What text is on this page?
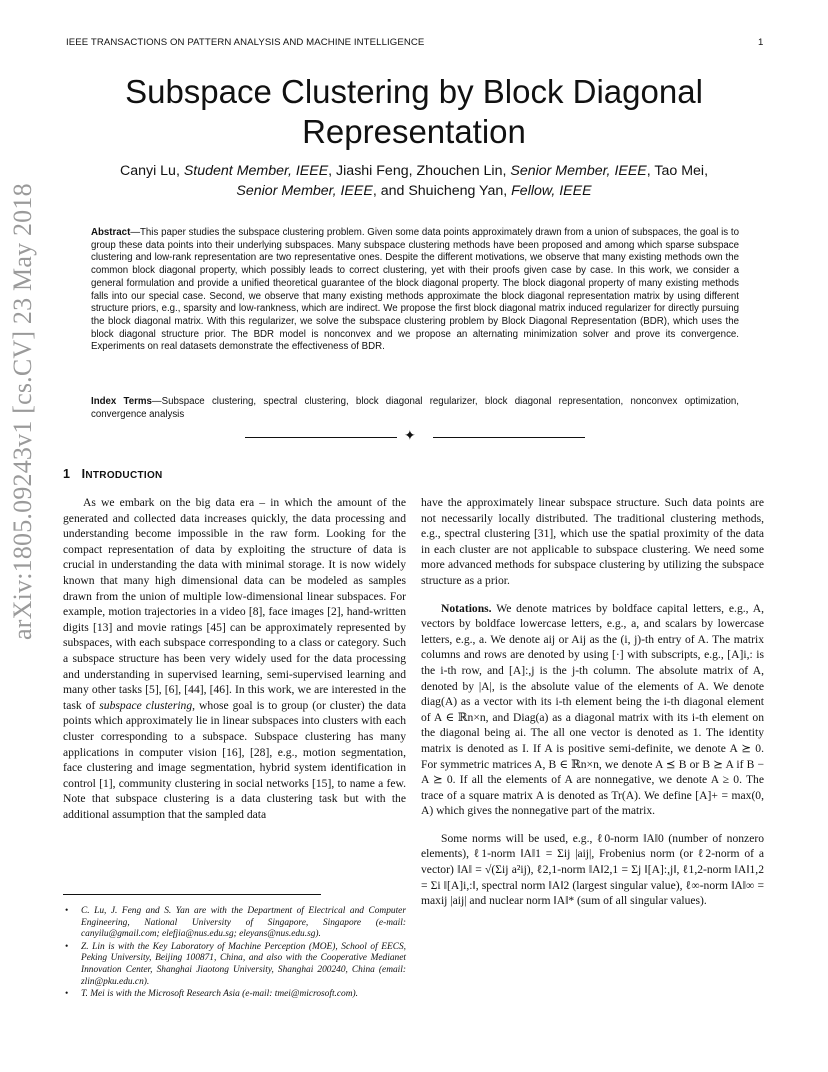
IEEE TRANSACTIONS ON PATTERN ANALYSIS AND MACHINE INTELLIGENCE	1
arXiv:1805.09243v1 [cs.CV] 23 May 2018
Subspace Clustering by Block Diagonal Representation
Canyi Lu, Student Member, IEEE, Jiashi Feng, Zhouchen Lin, Senior Member, IEEE, Tao Mei, Senior Member, IEEE, and Shuicheng Yan, Fellow, IEEE
Abstract—This paper studies the subspace clustering problem. Given some data points approximately drawn from a union of subspaces, the goal is to group these data points into their underlying subspaces. Many subspace clustering methods have been proposed and among which sparse subspace clustering and low-rank representation are two representative ones. Despite the different motivations, we observe that many existing methods own the common block diagonal property, which possibly leads to correct clustering, yet with their proofs given case by case. In this work, we consider a general formulation and provide a unified theoretical guarantee of the block diagonal property. The block diagonal property of many existing methods falls into our special case. Second, we observe that many existing methods approximate the block diagonal representation matrix by using different structure priors, e.g., sparsity and low-rankness, which are indirect. We propose the first block diagonal matrix induced regularizer for directly pursuing the block diagonal matrix. With this regularizer, we solve the subspace clustering problem by Block Diagonal Representation (BDR), which uses the block diagonal structure prior. The BDR model is nonconvex and we propose an alternating minimization solver and prove its convergence. Experiments on real datasets demonstrate the effectiveness of BDR.
Index Terms—Subspace clustering, spectral clustering, block diagonal regularizer, block diagonal representation, nonconvex optimization, convergence analysis
✦
1 INTRODUCTION

As we embark on the big data era – in which the amount of the generated and collected data increases quickly, the data processing and understanding become impossible in the raw form. Looking for the compact representation of data by exploiting the structure of data is crucial in understanding the data with minimal storage. It is now widely known that many high dimensional data can be modeled as samples drawn from the union of multiple low-dimensional linear subspaces. For example, motion trajectories in a video [8], face images [2], hand-written digits [13] and movie ratings [45] can be approximately represented by subspaces, with each subspace corresponding to a class or category. Such a subspace structure has been very widely used for the data processing and understanding in supervised learning, semi-supervised learning and many other tasks [5], [6], [44], [46]. In this work, we are interested in the task of subspace clustering, whose goal is to group (or cluster) the data points which approximately lie in linear subspaces into clusters with each cluster corresponding to a subspace. Subspace clustering has many applications in computer vision [16], [28], e.g., motion segmentation, face clustering and image segmentation, hybrid system identification in control [1], community clustering in social networks [15], to name a few. Note that subspace clustering is a data clustering task but with the additional assumption that the sampled data

have the approximately linear subspace structure. Such data points are not necessarily locally distributed. The traditional clustering methods, e.g., spectral clustering [31], which use the spatial proximity of the data in each cluster are not applicable to subspace clustering. We need some more advanced methods for subspace clustering by utilizing the subspace structure as a prior.

Notations. We denote matrices by boldface capital letters, e.g., A, vectors by boldface lowercase letters, e.g., a, and scalars by lowercase letters, e.g., a. We denote aij or Aij as the (i, j)-th entry of A. The matrix columns and rows are denoted by using [·] with subscripts, e.g., [A]i,: is the i-th row, and [A]:,j is the j-th column. The absolute matrix of A, denoted by |A|, is the absolute value of the elements of A. We denote diag(A) as a vector with its i-th element being the i-th diagonal element of A ∈ ℝn×n, and Diag(a) as a diagonal matrix with its i-th element on the diagonal being ai. The all one vector is denoted as 1. The identity matrix is denoted as I. If A is positive semi-definite, we denote A ⪰ 0. For symmetric matrices A, B ∈ ℝn×n, we denote A ⪯ B or B ⪰ A if B − A ⪰ 0. If all the elements of A are nonnegative, we denote A ≥ 0. The trace of a square matrix A is denoted as Tr(A). We define [A]+ = max(0, A) which gives the nonnegative part of the matrix.

Some norms will be used, e.g., ℓ0-norm ‖A‖0 (number of nonzero elements), ℓ1-norm ‖A‖1 = Σij |aij|, Frobenius norm (or ℓ2-norm of a vector) ‖A‖ = √(Σij a²ij), ℓ2,1-norm ‖A‖2,1 = Σj ‖[A]:,j‖, ℓ1,2-norm ‖A‖1,2 = Σi ‖[A]i,:‖, spectral norm ‖A‖2 (largest singular value), ℓ∞-norm ‖A‖∞ = maxij |aij| and nuclear norm ‖A‖* (sum of all singular values).

• C. Lu, J. Feng and S. Yan are with the Department of Electrical and Computer Engineering, National University of Singapore, Singapore (e-mail: canyilu@gmail.com; elefjia@nus.edu.sg; eleyans@nus.edu.sg).
• Z. Lin is with the Key Laboratory of Machine Perception (MOE), School of EECS, Peking University, Beijing 100871, China, and also with the Cooperative Medianet Innovation Center, Shanghai Jiaotong University, Shanghai 200240, China (email: zlin@pku.edu.cn).
• T. Mei is with the Microsoft Research Asia (e-mail: tmei@microsoft.com).
